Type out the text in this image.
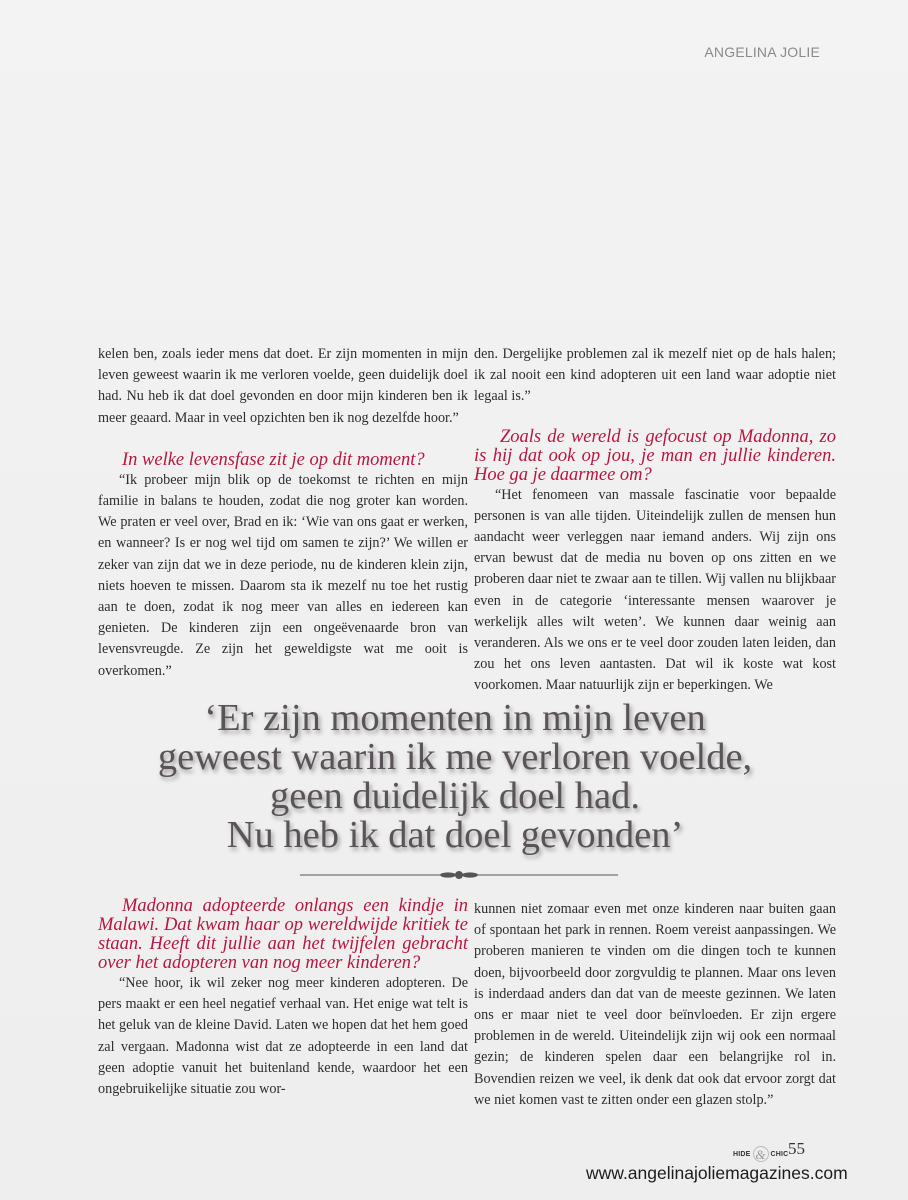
ANGELINA JOLIE

kelen ben, zoals ieder mens dat doet. Er zijn momenten in mijn leven geweest waarin ik me verloren voelde, geen duidelijk doel had. Nu heb ik dat doel gevonden en door mijn kinderen ben ik meer geaard. Maar in veel opzichten ben ik nog dezelfde hoor.”

In welke levensfase zit je op dit moment?

“Ik probeer mijn blik op de toekomst te richten en mijn familie in balans te houden, zodat die nog groter kan worden. We praten er veel over, Brad en ik: ‘Wie van ons gaat er werken, en wanneer? Is er nog wel tijd om samen te zijn?’ We willen er zeker van zijn dat we in deze periode, nu de kinderen klein zijn, niets hoeven te missen. Daarom sta ik mezelf nu toe het rustig aan te doen, zodat ik nog meer van alles en iedereen kan genieten. De kinderen zijn een ongeëvenaarde bron van levensvreugde. Ze zijn het geweldigste wat me ooit is overkomen.”

den. Dergelijke problemen zal ik mezelf niet op de hals halen; ik zal nooit een kind adopteren uit een land waar adoptie niet legaal is.”

Zoals de wereld is gefocust op Madonna, zo is hij dat ook op jou, je man en jullie kinderen. Hoe ga je daarmee om?

“Het fenomeen van massale fascinatie voor bepaalde personen is van alle tijden. Uiteindelijk zullen de mensen hun aandacht weer verleggen naar iemand anders. Wij zijn ons ervan bewust dat de media nu boven op ons zitten en we proberen daar niet te zwaar aan te tillen. Wij vallen nu blijkbaar even in de categorie ‘interessante mensen waarover je werkelijk alles wilt weten’. We kunnen daar weinig aan veranderen. Als we ons er te veel door zouden laten leiden, dan zou het ons leven aantasten. Dat wil ik koste wat kost voorkomen. Maar natuurlijk zijn er beperkingen. We

‘Er zijn momenten in mijn leven
geweest waarin ik me verloren voelde,
geen duidelijk doel had.
Nu heb ik dat doel gevonden’

Madonna adopteerde onlangs een kindje in Malawi. Dat kwam haar op wereldwijde kritiek te staan. Heeft dit jullie aan het twijfelen gebracht over het adopteren van nog meer kinderen?

“Nee hoor, ik wil zeker nog meer kinderen adopteren. De pers maakt er een heel negatief verhaal van. Het enige wat telt is het geluk van de kleine David. Laten we hopen dat het hem goed zal vergaan. Madonna wist dat ze adopteerde in een land dat geen adoptie vanuit het buitenland kende, waardoor het een ongebruikelijke situatie zou wor-

kunnen niet zomaar even met onze kinderen naar buiten gaan of spontaan het park in rennen. Roem vereist aanpassingen. We proberen manieren te vinden om die dingen toch te kunnen doen, bijvoorbeeld door zorgvuldig te plannen. Maar ons leven is inderdaad anders dan dat van de meeste gezinnen. We laten ons er maar niet te veel door beïnvloeden. Er zijn ergere problemen in de wereld. Uiteindelijk zijn wij ook een normaal gezin; de kinderen spelen daar een belangrijke rol in. Bovendien reizen we veel, ik denk dat ook dat ervoor zorgt dat we niet komen vast te zitten onder een glazen stolp.”

HIDE & CHIC 55
www.angelinajoliemagazines.com
